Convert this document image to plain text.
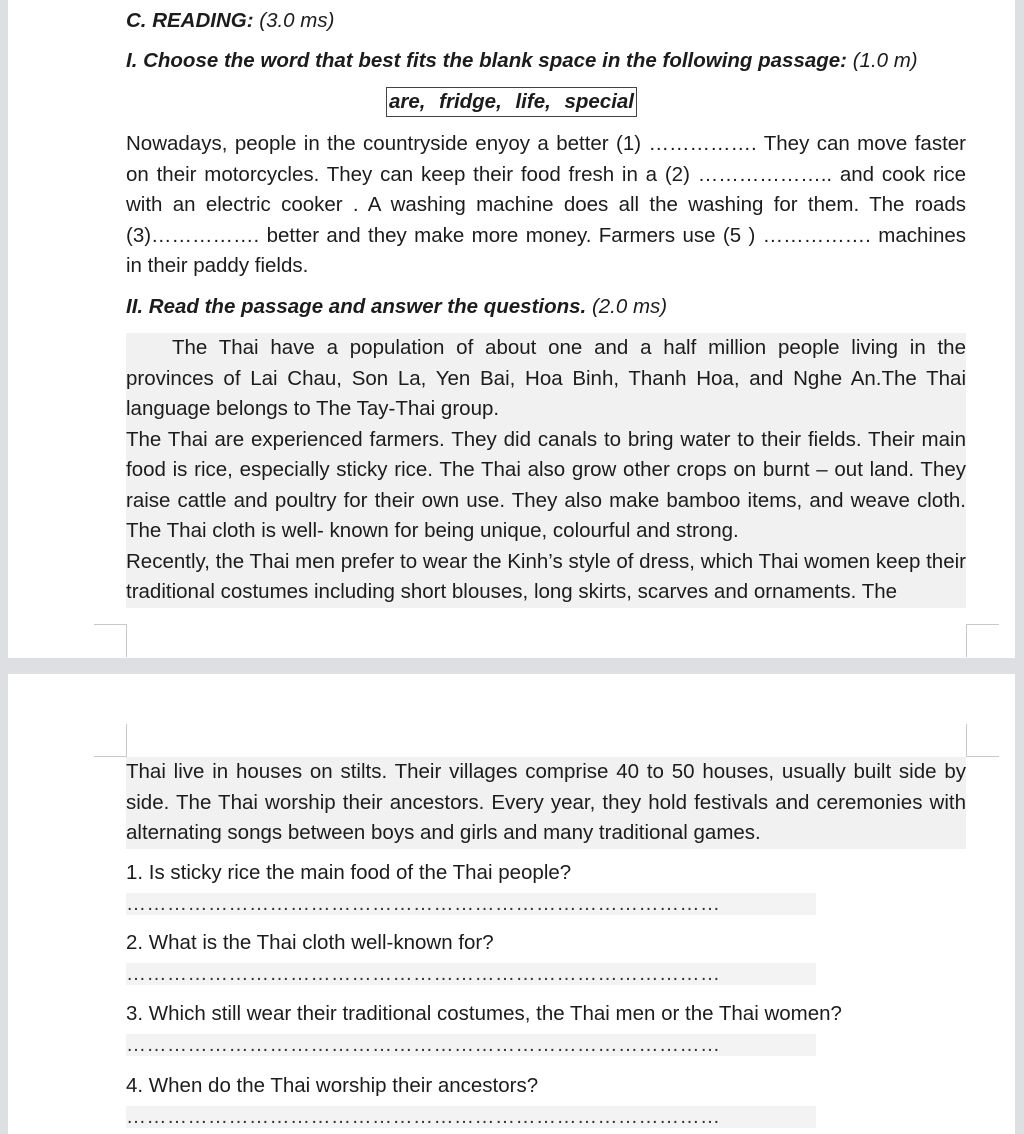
C. READING: (3.0 ms)
I. Choose the word that best fits the blank space in the following passage: (1.0 m)
are, fridge, life, special

Nowadays, people in the countryside enyoy a better (1) ……………. They can move faster on their motorcycles. They can keep their food fresh in a (2) ……………….. and cook rice with an electric cooker . A washing machine does all the washing for them. The roads (3)……………. better and they make more money. Farmers use (5 ) ……………. machines in their paddy fields.

II. Read the passage and answer the questions. (2.0 ms)

The Thai have a population of about one and a half million people living in the provinces of Lai Chau, Son La, Yen Bai, Hoa Binh, Thanh Hoa, and Nghe An.The Thai language belongs to The Tay-Thai group.

The Thai are experienced farmers. They did canals to bring water to their fields. Their main food is rice, especially sticky rice. The Thai also grow other crops on burnt – out land. They raise cattle and poultry for their own use. They also make bamboo items, and weave cloth. The Thai cloth is well- known for being unique, colourful and strong.

Recently, the Thai men prefer to wear the Kinh’s style of dress, which Thai women keep their traditional costumes including short blouses, long skirts, scarves and ornaments. The

Thai live in houses on stilts. Their villages comprise 40 to 50 houses, usually built side by side. The Thai worship their ancestors. Every year, they hold festivals and ceremonies with alternating songs between boys and girls and many traditional games.

1. Is sticky rice the main food of the Thai people?
……………………………………………………………………………
2. What is the Thai cloth well-known for?
……………………………………………………………………………
3. Which still wear their traditional costumes, the Thai men or the Thai women?
……………………………………………………………………………
4. When do the Thai worship their ancestors?
……………………………………………………………………………
